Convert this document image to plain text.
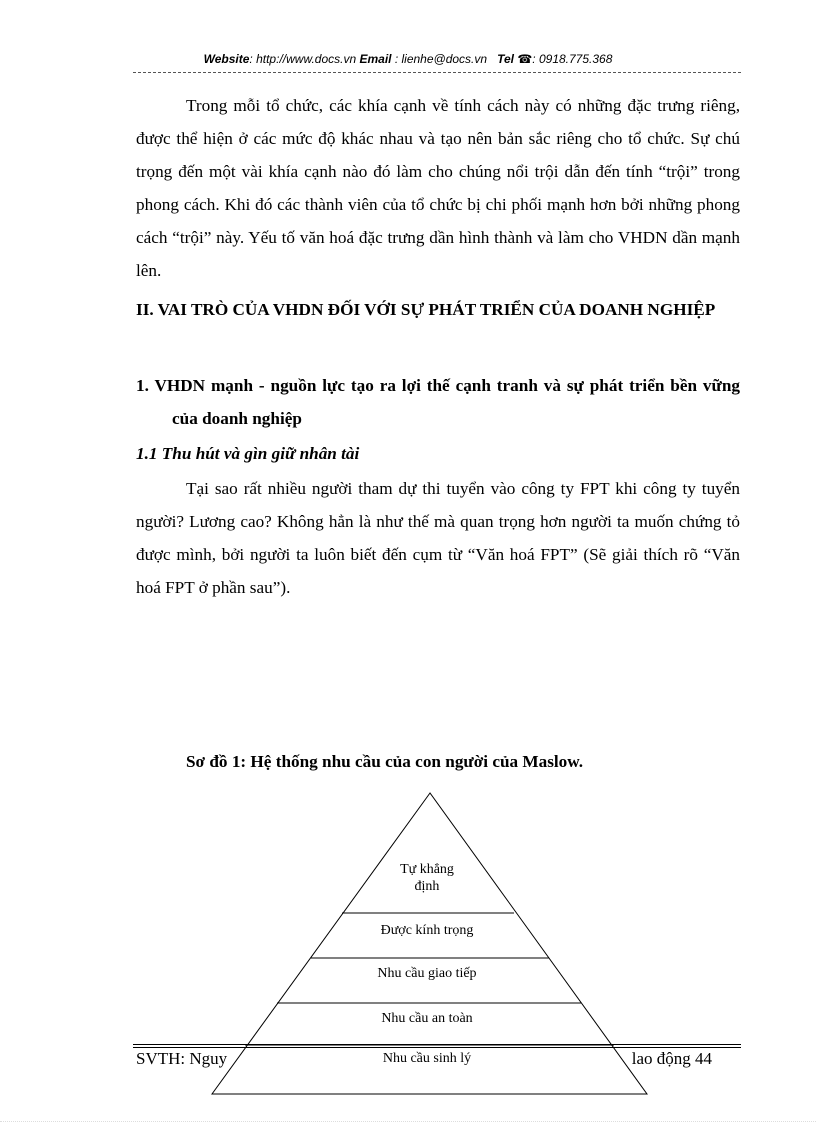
Website: http://www.docs.vn Email : lienhe@docs.vn Tel ☎: 0918.775.368
Trong mỗi tổ chức, các khía cạnh về tính cách này có những đặc trưng riêng, được thể hiện ở các mức độ khác nhau và tạo nên bản sắc riêng cho tổ chức. Sự chú trọng đến một vài khía cạnh nào đó làm cho chúng nổi trội dẫn đến tính “trội” trong phong cách. Khi đó các thành viên của tổ chức bị chi phối mạnh hơn bởi những phong cách “trội” này. Yếu tố văn hoá đặc trưng dần hình thành và làm cho VHDN dần mạnh lên.
II. VAI TRÒ CỦA VHDN ĐỐI VỚI SỰ PHÁT TRIỂN CỦA DOANH NGHIỆP
1. VHDN mạnh - nguồn lực tạo ra lợi thế cạnh tranh và sự phát triển bền vững của doanh nghiệp
1.1 Thu hút và gìn giữ nhân tài
Tại sao rất nhiều người tham dự thi tuyển vào công ty FPT khi công ty tuyển người? Lương cao? Không hẳn là như thế mà quan trọng hơn người ta muốn chứng tỏ được mình, bởi người ta luôn biết đến cụm từ “Văn hoá FPT” (Sẽ giải thích rõ “Văn hoá FPT ở phần sau”).
Sơ đồ 1: Hệ thống nhu cầu của con người của Maslow.
Tự khẳng
định
Được kính trọng
Nhu cầu giao tiếp
Nhu cầu an toàn
Nhu cầu sinh lý
SVTH: Nguy	lao động 44
